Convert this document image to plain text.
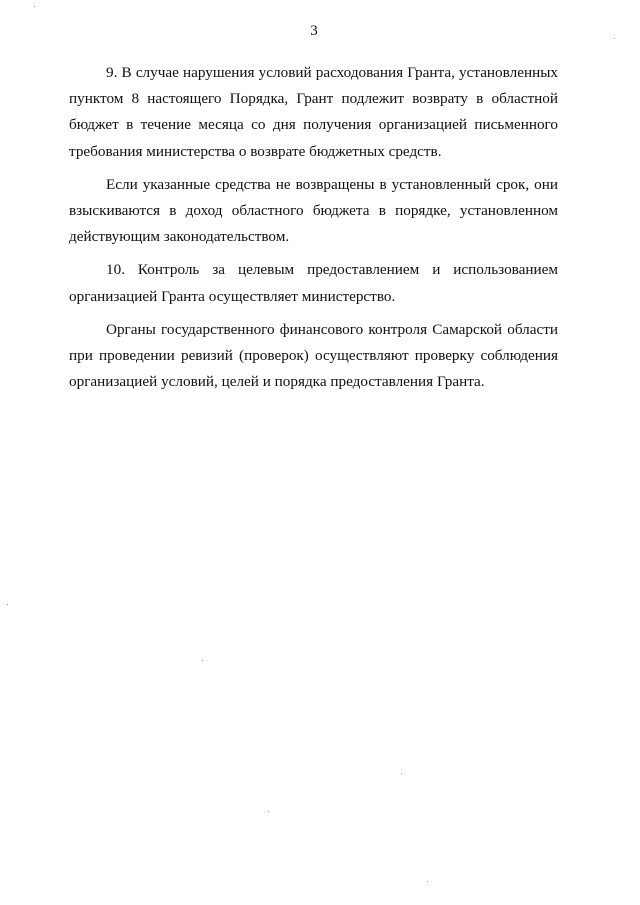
3

9. В случае нарушения условий расходования Гранта, установленных
пунктом 8 настоящего Порядка, Грант подлежит возврату в областной
бюджет в течение месяца со дня получения организацией письменного
требования министерства о возврате бюджетных средств.

Если указанные средства не возвращены в установленный срок, они
взыскиваются в доход областного бюджета в порядке, установленном
действующим законодательством.

10. Контроль за целевым предоставлением и использованием
организацией Гранта осуществляет министерство.

Органы государственного финансового контроля Самарской области
при проведении ревизий (проверок) осуществляют проверку соблюдения
организацией условий, целей и порядка предоставления Гранта.
